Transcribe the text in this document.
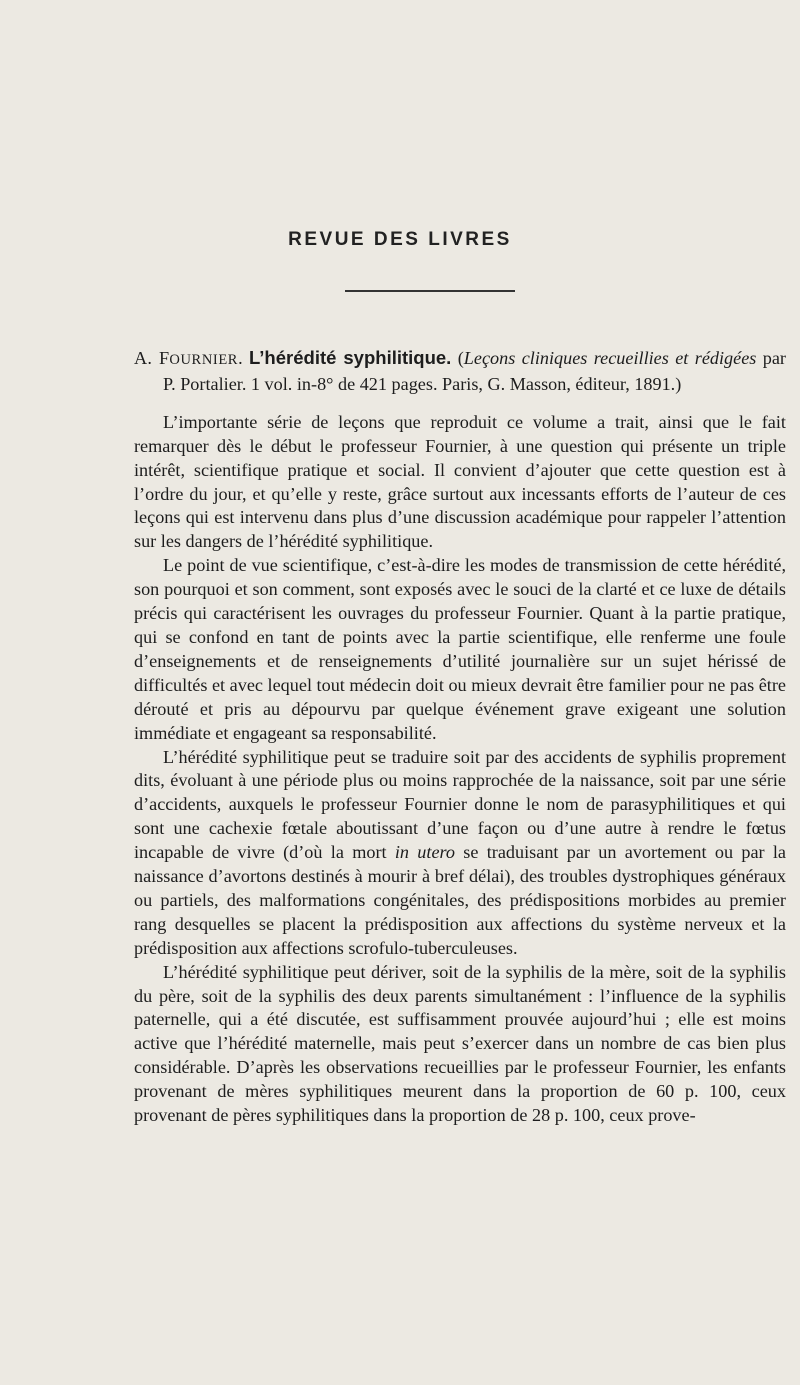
REVUE DES LIVRES

A. FOURNIER. L’hérédité syphilitique. (Leçons cliniques recueillies et rédigées par P. Portalier. 1 vol. in-8° de 421 pages. Paris, G. Masson, éditeur, 1891.)

L’importante série de leçons que reproduit ce volume a trait, ainsi que le fait remarquer dès le début le professeur Fournier, à une question qui présente un triple intérêt, scientifique pratique et social. Il convient d’ajouter que cette question est à l’ordre du jour, et qu’elle y reste, grâce surtout aux incessants efforts de l’auteur de ces leçons qui est intervenu dans plus d’une discussion académique pour rappeler l’attention sur les dangers de l’hérédité syphilitique.

Le point de vue scientifique, c’est-à-dire les modes de transmission de cette hérédité, son pourquoi et son comment, sont exposés avec le souci de la clarté et ce luxe de détails précis qui caractérisent les ouvrages du professeur Fournier. Quant à la partie pratique, qui se confond en tant de points avec la partie scientifique, elle renferme une foule d’enseignements et de renseignements d’utilité journalière sur un sujet hérissé de difficultés et avec lequel tout médecin doit ou mieux devrait être familier pour ne pas être dérouté et pris au dépourvu par quelque événement grave exigeant une solution immédiate et engageant sa responsabilité.

L’hérédité syphilitique peut se traduire soit par des accidents de syphilis proprement dits, évoluant à une période plus ou moins rapprochée de la naissance, soit par une série d’accidents, auxquels le professeur Fournier donne le nom de parasyphilitiques et qui sont une cachexie fœtale aboutissant d’une façon ou d’une autre à rendre le fœtus incapable de vivre (d’où la mort in utero se traduisant par un avortement ou par la naissance d’avortons destinés à mourir à bref délai), des troubles dystrophiques généraux ou partiels, des malformations congénitales, des prédispositions morbides au premier rang desquelles se placent la prédisposition aux affections du système nerveux et la prédisposition aux affections scrofulo-tuberculeuses.

L’hérédité syphilitique peut dériver, soit de la syphilis de la mère, soit de la syphilis du père, soit de la syphilis des deux parents simultanément : l’influence de la syphilis paternelle, qui a été discutée, est suffisamment prouvée aujourd’hui ; elle est moins active que l’hérédité maternelle, mais peut s’exercer dans un nombre de cas bien plus considérable. D’après les observations recueillies par le professeur Fournier, les enfants provenant de mères syphilitiques meurent dans la proportion de 60 p. 100, ceux provenant de pères syphilitiques dans la proportion de 28 p. 100, ceux prove-
